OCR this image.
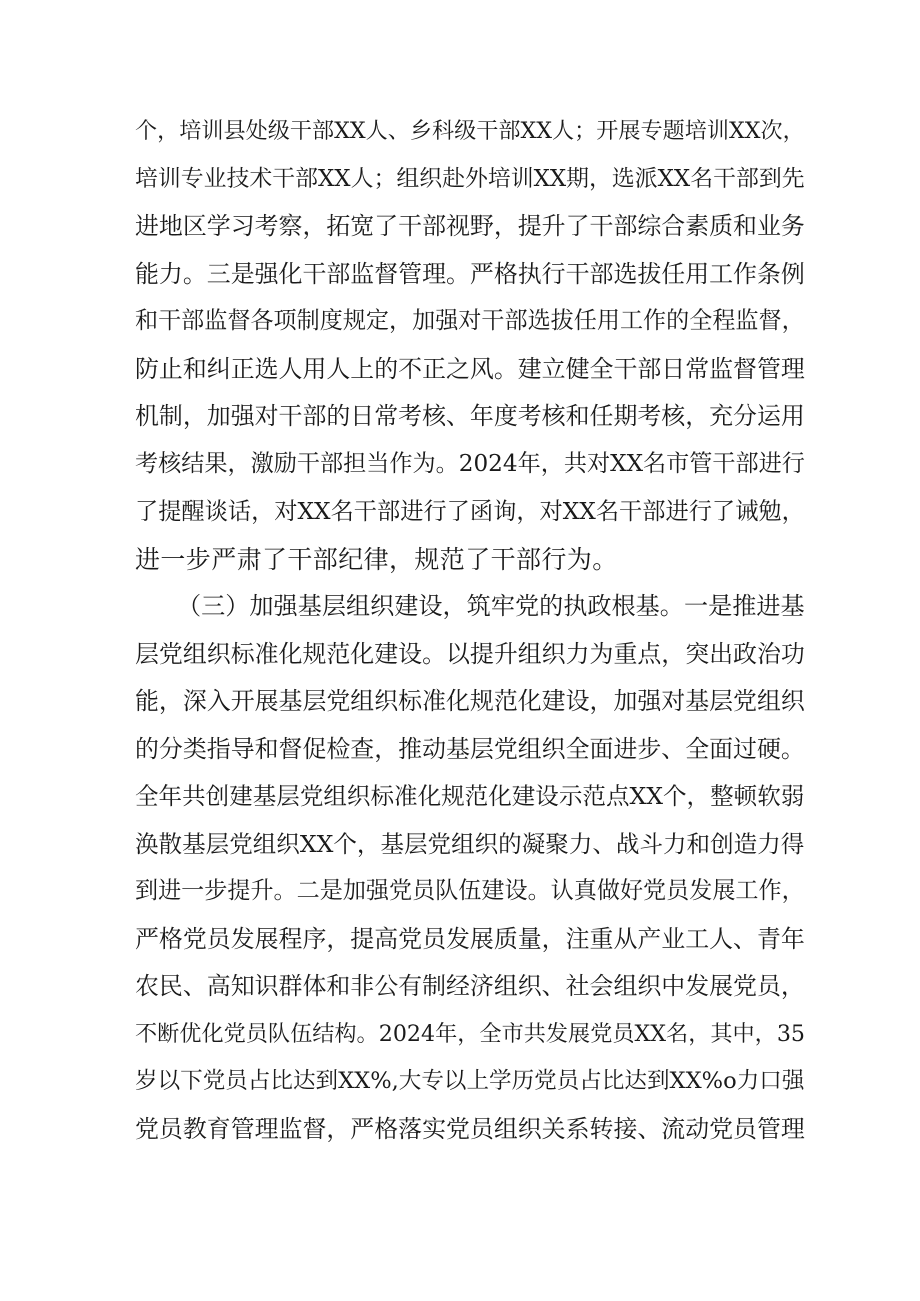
个，培训县处级干部XX人、乡科级干部XX人；开展专题培训XX次，
培训专业技术干部XX人；组织赴外培训XX期，选派XX名干部到先
进地区学习考察，拓宽了干部视野，提升了干部综合素质和业务
能力。三是强化干部监督管理。严格执行干部选拔任用工作条例
和干部监督各项制度规定，加强对干部选拔任用工作的全程监督，
防止和纠正选人用人上的不正之风。建立健全干部日常监督管理
机制，加强对干部的日常考核、年度考核和任期考核，充分运用
考核结果，激励干部担当作为。2024年，共对XX名市管干部进行
了提醒谈话，对XX名干部进行了函询，对XX名干部进行了诫勉，
进一步严肃了干部纪律，规范了干部行为。
（三）加强基层组织建设，筑牢党的执政根基。一是推进基
层党组织标准化规范化建设。以提升组织力为重点，突出政治功
能，深入开展基层党组织标准化规范化建设，加强对基层党组织
的分类指导和督促检查，推动基层党组织全面进步、全面过硬。
全年共创建基层党组织标准化规范化建设示范点XX个，整顿软弱
涣散基层党组织XX个，基层党组织的凝聚力、战斗力和创造力得
到进一步提升。二是加强党员队伍建设。认真做好党员发展工作，
严格党员发展程序，提高党员发展质量，注重从产业工人、青年
农民、高知识群体和非公有制经济组织、社会组织中发展党员，
不断优化党员队伍结构。2024年，全市共发展党员XX名，其中，35
岁以下党员占比达到XX%,大专以上学历党员占比达到XX%o力口强
党员教育管理监督，严格落实党员组织关系转接、流动党员管理
